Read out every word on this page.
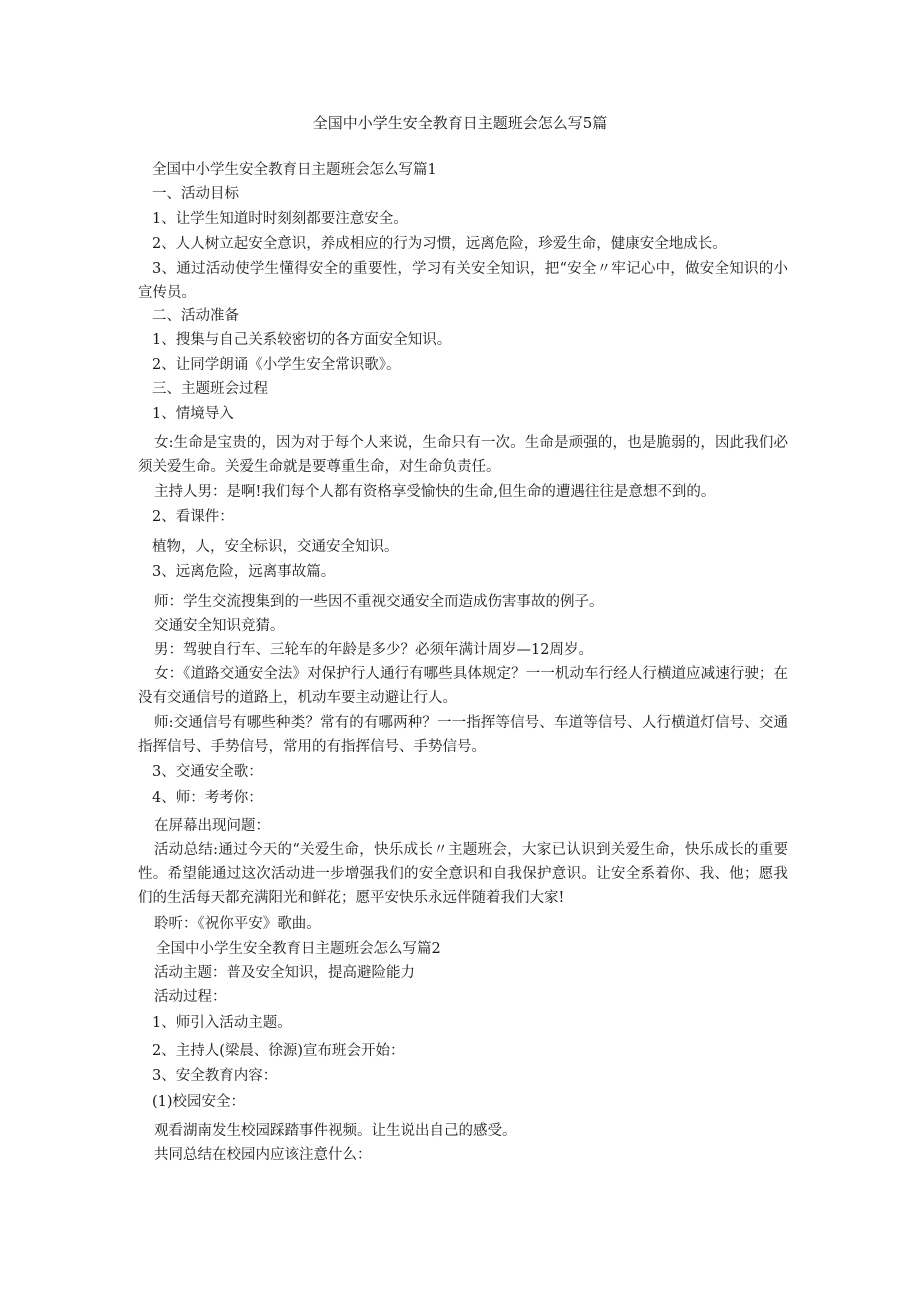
全国中小学生安全教育日主题班会怎么写5篇

全国中小学生安全教育日主题班会怎么写篇1

一、活动目标

1、让学生知道时时刻刻都要注意安全。

2、人人树立起安全意识，养成相应的行为习惯，远离危险，珍爱生命，健康安全地成长。

3、通过活动使学生懂得安全的重要性，学习有关安全知识，把“安全〃牢记心中，做安全知识的小宣传员。

二、活动准备

1、搜集与自己关系较密切的各方面安全知识。

2、让同学朗诵《小学生安全常识歌》。

三、主题班会过程

1、情境导入

女:生命是宝贵的，因为对于每个人来说，生命只有一次。生命是顽强的，也是脆弱的，因此我们必须关爱生命。关爱生命就是要尊重生命，对生命负责任。

主持人男：是啊!我们每个人都有资格享受愉快的生命,但生命的遭遇往往是意想不到的。

2、看课件：

植物，人，安全标识，交通安全知识。

3、远离危险，远离事故篇。

师：学生交流搜集到的一些因不重视交通安全而造成伤害事故的例子。

交通安全知识竞猜。

男：驾驶自行车、三轮车的年龄是多少？必须年满计周岁—12周岁。

女：《道路交通安全法》对保护行人通行有哪些具体规定？一一机动车行经人行横道应减速行驶；在没有交通信号的道路上，机动车要主动避让行人。

师:交通信号有哪些种类？常有的有哪两种？一一指挥等信号、车道等信号、人行横道灯信号、交通指挥信号、手势信号，常用的有指挥信号、手势信号。

3、交通安全歌：

4、师：考考你：

在屏幕出现问题：

活动总结:通过今天的“关爱生命，快乐成长〃主题班会，大家已认识到关爱生命，快乐成长的重要性。希望能通过这次活动进一步增强我们的安全意识和自我保护意识。让安全系着你、我、他；愿我们的生活每天都充满阳光和鲜花；愿平安快乐永远伴随着我们大家!

聆听：《祝你平安》歌曲。

全国中小学生安全教育日主题班会怎么写篇2

活动主题：普及安全知识，提高避险能力

活动过程：

1、师引入活动主题。

2、主持人(梁晨、徐源)宣布班会开始：

3、安全教育内容：

(1)校园安全：

观看湖南发生校园踩踏事件视频。让生说出自己的感受。

共同总结在校园内应该注意什么：
